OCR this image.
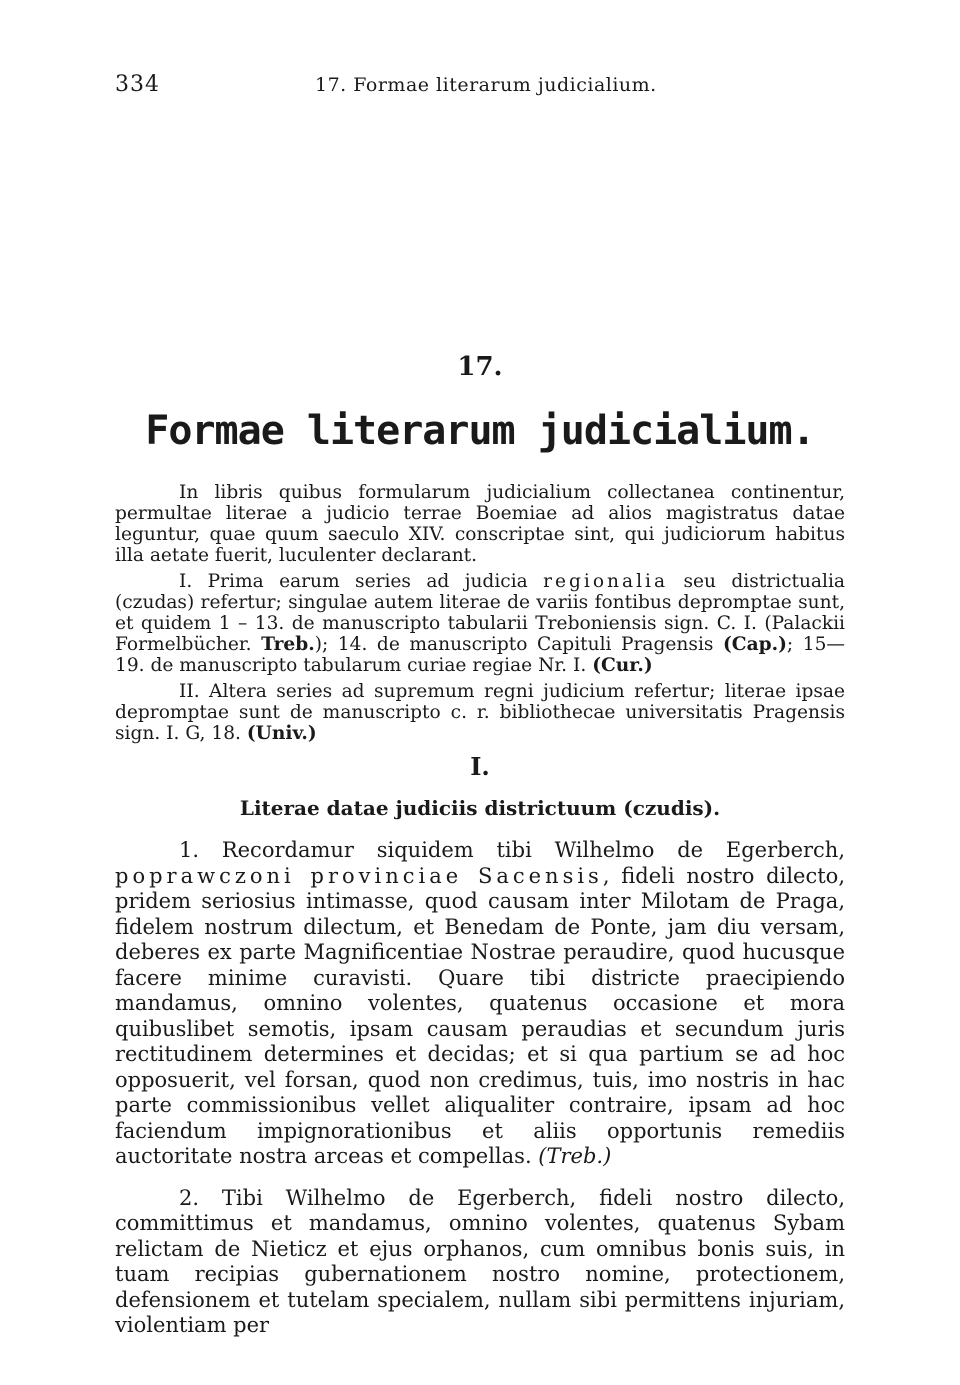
334	17. Formae literarum judicialium.
17.
Formae literarum judicialium.

In libris quibus formularum judicialium collectanea continentur, permultae literae a judicio terrae Boemiae ad alios magistratus datae leguntur, quae quum saeculo XIV. conscriptae sint, qui judiciorum habitus illa aetate fuerit, luculenter declarant.

I. Prima earum series ad judicia regionalia seu districtualia (czudas) refertur; singulae autem literae de variis fontibus depromptae sunt, et quidem 1 – 13. de manuscripto tabularii Treboniensis sign. C. I. (Palackii Formelbücher. Treb.); 14. de manuscripto Capituli Pragensis (Cap.); 15—19. de manuscripto tabularum curiae regiae Nr. I. (Cur.)

II. Altera series ad supremum regni judicium refertur; literae ipsae depromptae sunt de manuscripto c. r. bibliothecae universitatis Pragensis sign. I. G, 18. (Univ.)

I.
Literae datae judiciis districtuum (czudis).

1. Recordamur siquidem tibi Wilhelmo de Egerberch, poprawczoni provinciae Sacensis, fideli nostro dilecto, pridem seriosius intimasse, quod causam inter Milotam de Praga, fidelem nostrum dilectum, et Benedam de Ponte, jam diu versam, deberes ex parte Magnificentiae Nostrae peraudire, quod hucusque facere minime curavisti. Quare tibi districte praecipiendo mandamus, omnino volentes, quatenus occasione et mora quibuslibet semotis, ipsam causam peraudias et secundum juris rectitudinem determines et decidas; et si qua partium se ad hoc opposuerit, vel forsan, quod non credimus, tuis, imo nostris in hac parte commissionibus vellet aliqualiter contraire, ipsam ad hoc faciendum impignorationibus et aliis opportunis remediis auctoritate nostra arceas et compellas. (Treb.)

2. Tibi Wilhelmo de Egerberch, fideli nostro dilecto, committimus et mandamus, omnino volentes, quatenus Sybam relictam de Nieticz et ejus orphanos, cum omnibus bonis suis, in tuam recipias gubernationem nostro nomine, protectionem, defensionem et tutelam specialem, nullam sibi permittens injuriam, violentiam per
